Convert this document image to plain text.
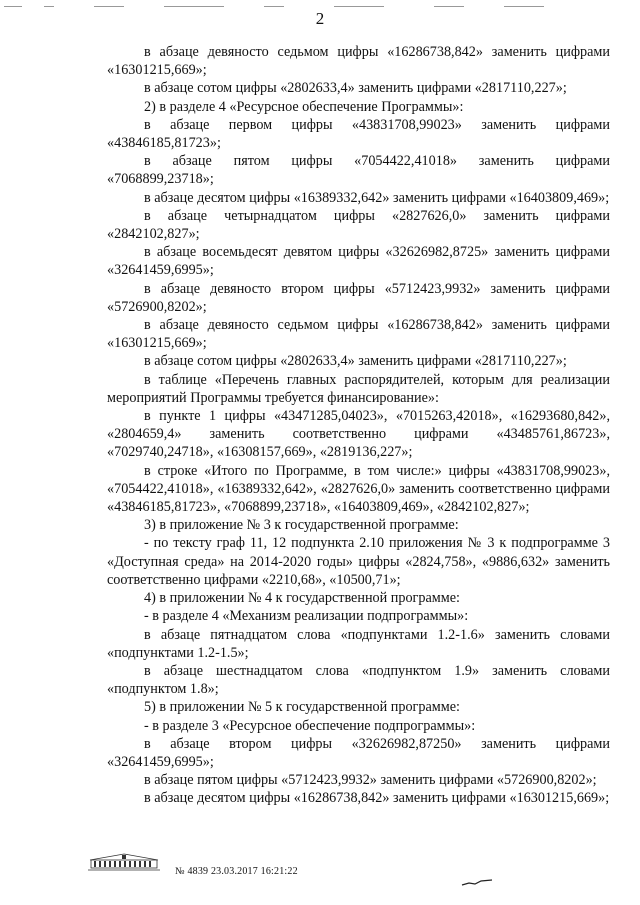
2

в абзаце девяносто седьмом цифры «16286738,842» заменить цифрами «16301215,669»;

в абзаце сотом цифры «2802633,4» заменить цифрами «2817110,227»;

2) в разделе 4 «Ресурсное обеспечение Программы»:

в абзаце первом цифры «43831708,99023» заменить цифрами «43846185,81723»;

в абзаце пятом цифры «7054422,41018» заменить цифрами «7068899,23718»;

в абзаце десятом цифры «16389332,642» заменить цифрами «16403809,469»;

в абзаце четырнадцатом цифры «2827626,0» заменить цифрами «2842102,827»;

в абзаце восемьдесят девятом цифры «32626982,8725» заменить цифрами «32641459,6995»;

в абзаце девяносто втором цифры «5712423,9932» заменить цифрами «5726900,8202»;

в абзаце девяносто седьмом цифры «16286738,842» заменить цифрами «16301215,669»;

в абзаце сотом цифры «2802633,4» заменить цифрами «2817110,227»;

в таблице «Перечень главных распорядителей, которым для реализации мероприятий Программы требуется финансирование»:

в пункте 1 цифры «43471285,04023», «7015263,42018», «16293680,842», «2804659,4» заменить соответственно цифрами «43485761,86723», «7029740,24718», «16308157,669», «2819136,227»;

в строке «Итого по Программе, в том числе:» цифры «43831708,99023», «7054422,41018», «16389332,642», «2827626,0» заменить соответственно цифрами «43846185,81723», «7068899,23718», «16403809,469», «2842102,827»;

3) в приложение № 3 к государственной программе:

- по тексту граф 11, 12 подпункта 2.10 приложения № 3 к подпрограмме 3 «Доступная среда» на 2014-2020 годы» цифры «2824,758», «9886,632» заменить соответственно цифрами «2210,68», «10500,71»;

4) в приложении № 4 к государственной программе:

- в разделе 4 «Механизм реализации подпрограммы»:

в абзаце пятнадцатом слова «подпунктами 1.2-1.6» заменить словами «подпунктами 1.2-1.5»;

в абзаце шестнадцатом слова «подпунктом 1.9» заменить словами «подпунктом 1.8»;

5) в приложении № 5 к государственной программе:

- в разделе 3 «Ресурсное обеспечение подпрограммы»:

в абзаце втором цифры «32626982,87250» заменить цифрами «32641459,6995»;

в абзаце пятом цифры «5712423,9932» заменить цифрами «5726900,8202»;

в абзаце десятом цифры «16286738,842» заменить цифрами «16301215,669»;

№ 4839 23.03.2017 16:21:22
